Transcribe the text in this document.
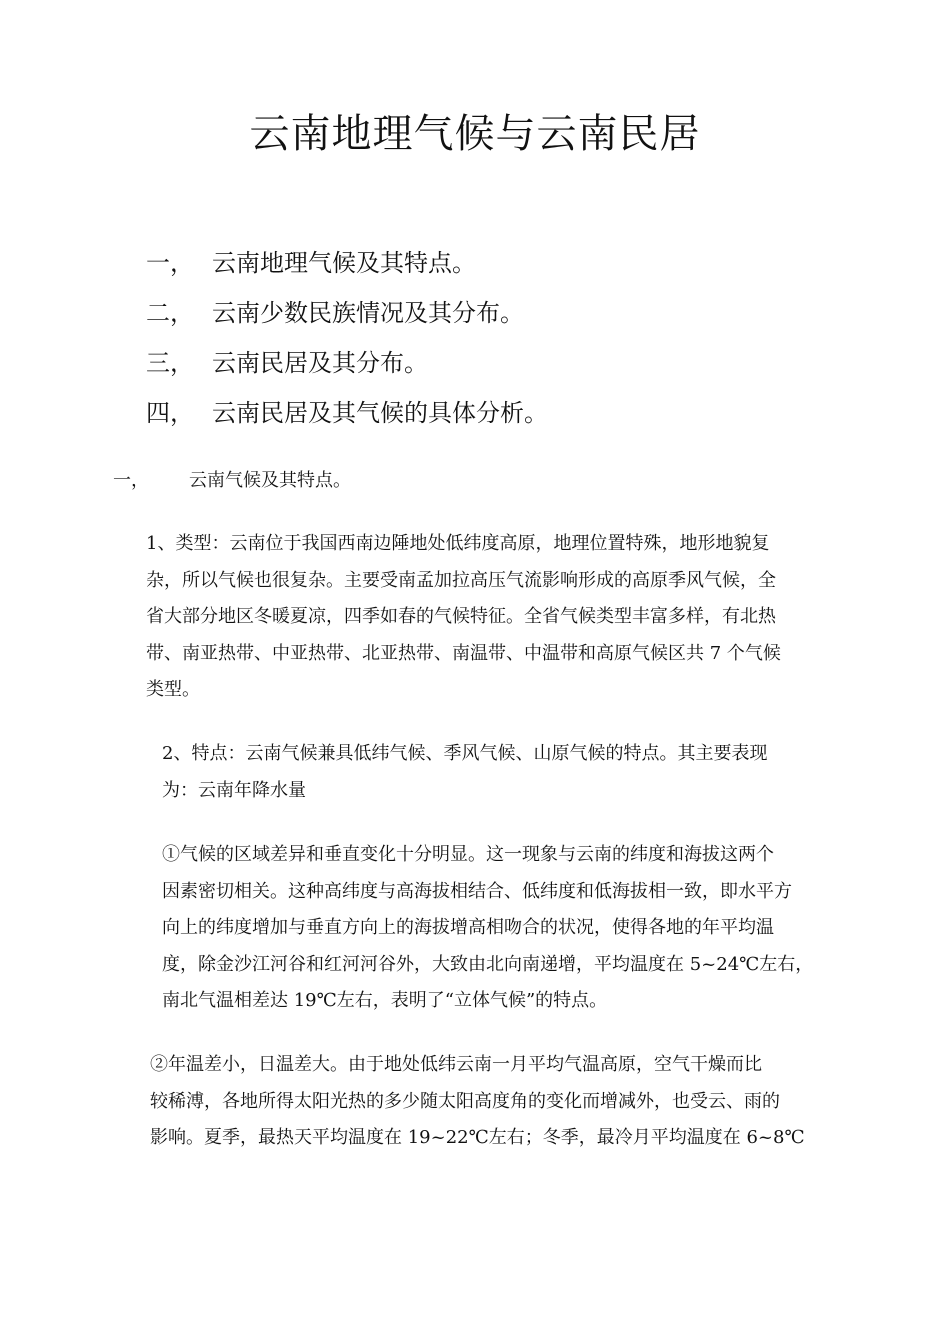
云南地理气候与云南民居
一， 云南地理气候及其特点。
二， 云南少数民族情况及其分布。
三， 云南民居及其分布。
四， 云南民居及其气候的具体分析。
一，	云南气候及其特点。
1、类型：云南位于我国西南边陲地处低纬度高原，地理位置特殊，地形地貌复
杂，所以气候也很复杂。主要受南孟加拉高压气流影响形成的高原季风气候，全
省大部分地区冬暖夏凉，四季如春的气候特征。全省气候类型丰富多样，有北热
带、南亚热带、中亚热带、北亚热带、南温带、中温带和高原气候区共 7 个气候
类型。
2、特点：云南气候兼具低纬气候、季风气候、山原气候的特点。其主要表现
为：云南年降水量
①气候的区域差异和垂直变化十分明显。这一现象与云南的纬度和海拔这两个
因素密切相关。这种高纬度与高海拔相结合、低纬度和低海拔相一致，即水平方
向上的纬度增加与垂直方向上的海拔增高相吻合的状况，使得各地的年平均温
度，除金沙江河谷和红河河谷外，大致由北向南递增，平均温度在 5~24℃左右，
南北气温相差达 19℃左右，表明了“立体气候”的特点。
②年温差小，日温差大。由于地处低纬云南一月平均气温高原，空气干燥而比
较稀溥，各地所得太阳光热的多少随太阳高度角的变化而增减外，也受云、雨的
影响。夏季，最热天平均温度在 19~22℃左右；冬季，最冷月平均温度在 6~8℃
